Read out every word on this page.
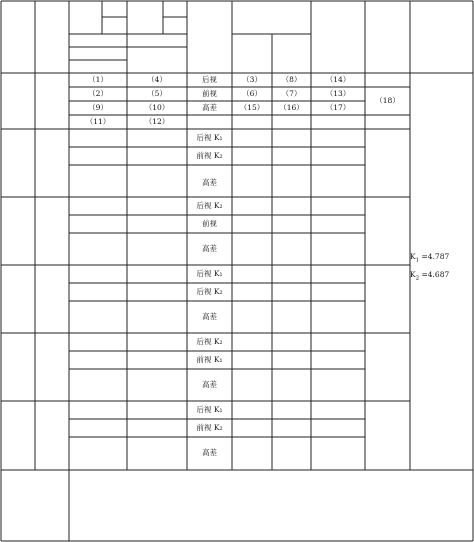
（1）
（2）
（9）
（11）
（4）
（5）
（10）
（12）
后视
前视
高差
（3）
（6）
（15）
（8）
（7）
（16）
（14）
（13）
（17）
（18）
后视 K₁
前视 K₂
高差
后视 K₂
前视
高差
后视 K₁
后视 K₂
高差
后视 K₂
前视 K₁
高差
后视 K₁
前视 K₂
高差
$K_1 =4.787$
$K_2 =4.687$
